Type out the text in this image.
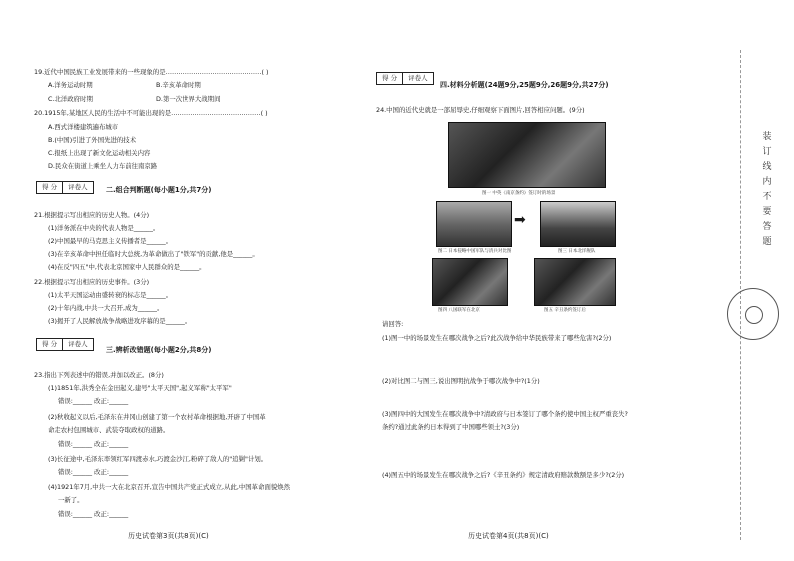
装
订
线
内
不
要
答
题
19.近代中国民族工业发展带来的一些现象的是………………………………………( )
A.洋务运动时期	B.辛亥革命时期
C.北洋政府时期	D.第一次世界大战期间
20.1915年,某地区人民的生活中不可能出现的是……………………………………( )
A.西式洋楼建筑遍布城市
B.(中国)引进了外国先进的技术
C.报纸上出现了新文化运动相关内容
D.民众在街道上乘坐人力车前往南京路
得 分	评卷人	二.组合判断题(每小题1分,共7分)
21.根据提示写出相应的历史人物。(4分)
(1)洋务派在中央的代表人物是______。
(2)中国最早的马克思主义传播者是______。
(3)在辛亥革命中担任临时大总统,为革命做出了"铁军"的贡献,他是______。
(4)在反"四五"中,代表北京国家中人民群众的是______。
22.根据提示写出相应的历史事件。(3分)
(1)太平天国运动由盛转衰的标志是______。
(2)十年内战,中共一大召开,成为______。
(3)揭开了人民解放战争战略进攻序幕的是______。
得 分	评卷人
三.辨析改错题(每小题2分,共8分)
23.指出下列表述中的错误,并加以改正。(8分)
(1)1851年,洪秀全在金田起义,建号"太平天国",起义军称"太平军"
错误:______ 改正:______
(2)秋收起义以后,毛泽东在井冈山创建了第一个农村革命根据地,开辟了中国革
命走农村包围城市、武装夺取政权的道路。
错误:______ 改正:______
(3)长征途中,毛泽东率领红军四渡赤水,巧渡金沙江,粉碎了敌人的"追剿"计划。
错误:______ 改正:______
(4)1921年7月,中共一大在北京召开,宣告中国共产党正式成立,从此,中国革命面貌焕然
一新了。
错误:______ 改正:______
历史试卷第3页(共8页)(C)
得 分	评卷人
四.材料分析题(24题9分,25题9分,26题9分,共27分)
24.中国的近代史就是一部屈辱史,仔细观察下面图片,回答相应问题。(9分)
图一 中英《南京条约》签订时的场景
图二 日本侵略中国军队与清兵对比图
➡
图三 日本北洋舰队
图四 八国联军在北京	图五 辛丑条约签订后
请回答:
(1)图一中的场景发生在哪次战争之后?此次战争给中华民族带来了哪些危害?(2分)
(2)对比图二与图三,说出图明抗战争于哪次战争中?(1分)
(3)图四中的大国发生在哪次战争中?清政府与日本签订了哪个条约使中国主权严重丧失?
条约?通过此条约日本得到了中国哪些领土?(3分)
(4)图五中的场景发生在哪次战争之后?《辛丑条约》规定清政府赔款数额是多少?(2分)
历史试卷第4页(共8页)(C)
